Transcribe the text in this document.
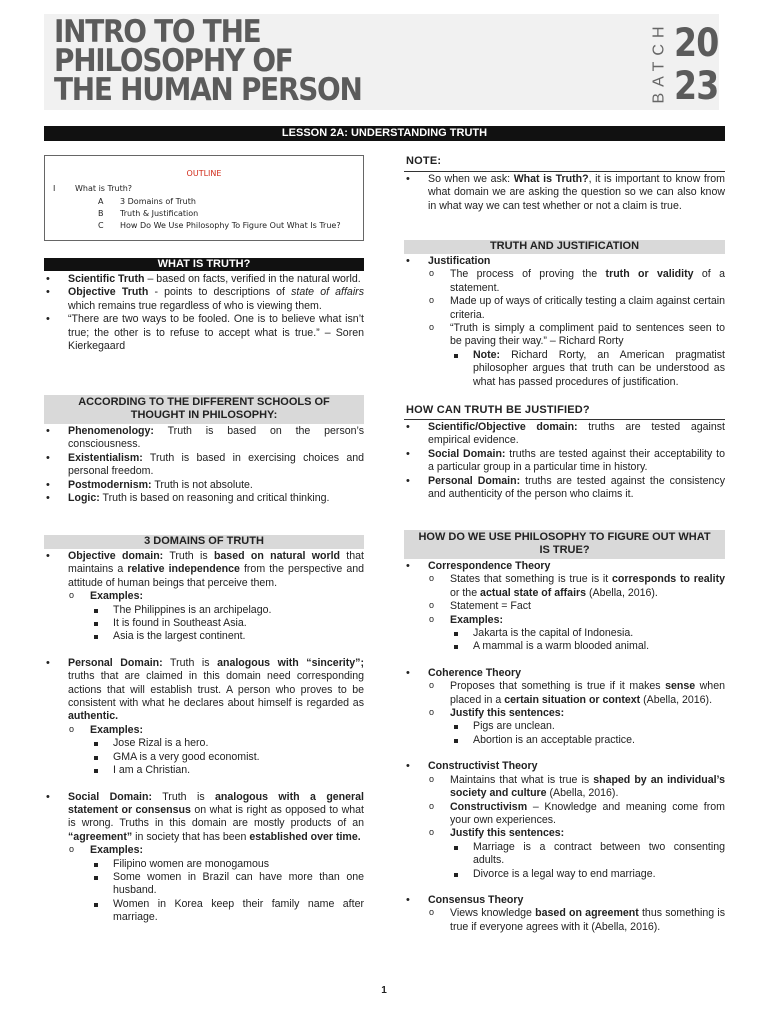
INTRO TO THE
PHILOSOPHY OF
THE HUMAN PERSON	BATCH 20
23
LESSON 2A: UNDERSTANDING TRUTH
OUTLINE
I What is Truth?
A 3 Domains of Truth
B Truth & Justification
C How Do We Use Philosophy To Figure Out What Is True?
WHAT IS TRUTH?
• Scientific Truth – based on facts, verified in the natural world.
• Objective Truth - points to descriptions of state of affairs which remains true regardless of who is viewing them.
• “There are two ways to be fooled. One is to believe what isn’t true; the other is to refuse to accept what is true.” – Soren Kierkegaard
ACCORDING TO THE DIFFERENT SCHOOLS OF THOUGHT IN PHILOSOPHY:
• Phenomenology: Truth is based on the person’s consciousness.
• Existentialism: Truth is based in exercising choices and personal freedom.
• Postmodernism: Truth is not absolute.
• Logic: Truth is based on reasoning and critical thinking.
3 DOMAINS OF TRUTH
• Objective domain: Truth is based on natural world that maintains a relative independence from the perspective and attitude of human beings that perceive them.
o Examples:
The Philippines is an archipelago.
It is found in Southeast Asia.
Asia is the largest continent.
• Personal Domain: Truth is analogous with “sincerity”; truths that are claimed in this domain need corresponding actions that will establish trust. A person who proves to be consistent with what he declares about himself is regarded as authentic.
o Examples:
Jose Rizal is a hero.
GMA is a very good economist.
I am a Christian.
• Social Domain: Truth is analogous with a general statement or consensus on what is right as opposed to what is wrong. Truths in this domain are mostly products of an “agreement” in society that has been established over time.
o Examples:
Filipino women are monogamous
Some women in Brazil can have more than one husband.
Women in Korea keep their family name after marriage.
NOTE:
• So when we ask: What is Truth?, it is important to know from what domain we are asking the question so we can also know in what way we can test whether or not a claim is true.
TRUTH AND JUSTIFICATION
• Justification
o The process of proving the truth or validity of a statement.
o Made up of ways of critically testing a claim against certain criteria.
o “Truth is simply a compliment paid to sentences seen to be paving their way.” – Richard Rorty
Note: Richard Rorty, an American pragmatist philosopher argues that truth can be understood as what has passed procedures of justification.
HOW CAN TRUTH BE JUSTIFIED?
• Scientific/Objective domain: truths are tested against empirical evidence.
• Social Domain: truths are tested against their acceptability to a particular group in a particular time in history.
• Personal Domain: truths are tested against the consistency and authenticity of the person who claims it.
HOW DO WE USE PHILOSOPHY TO FIGURE OUT WHAT IS TRUE?
• Correspondence Theory
o States that something is true is it corresponds to reality or the actual state of affairs (Abella, 2016).
o Statement = Fact
o Examples:
Jakarta is the capital of Indonesia.
A mammal is a warm blooded animal.
• Coherence Theory
o Proposes that something is true if it makes sense when placed in a certain situation or context (Abella, 2016).
o Justify this sentences:
Pigs are unclean.
Abortion is an acceptable practice.
• Constructivist Theory
o Maintains that what is true is shaped by an individual’s society and culture (Abella, 2016).
o Constructivism – Knowledge and meaning come from your own experiences.
o Justify this sentences:
Marriage is a contract between two consenting adults.
Divorce is a legal way to end marriage.
• Consensus Theory
o Views knowledge based on agreement thus something is true if everyone agrees with it (Abella, 2016).
1
